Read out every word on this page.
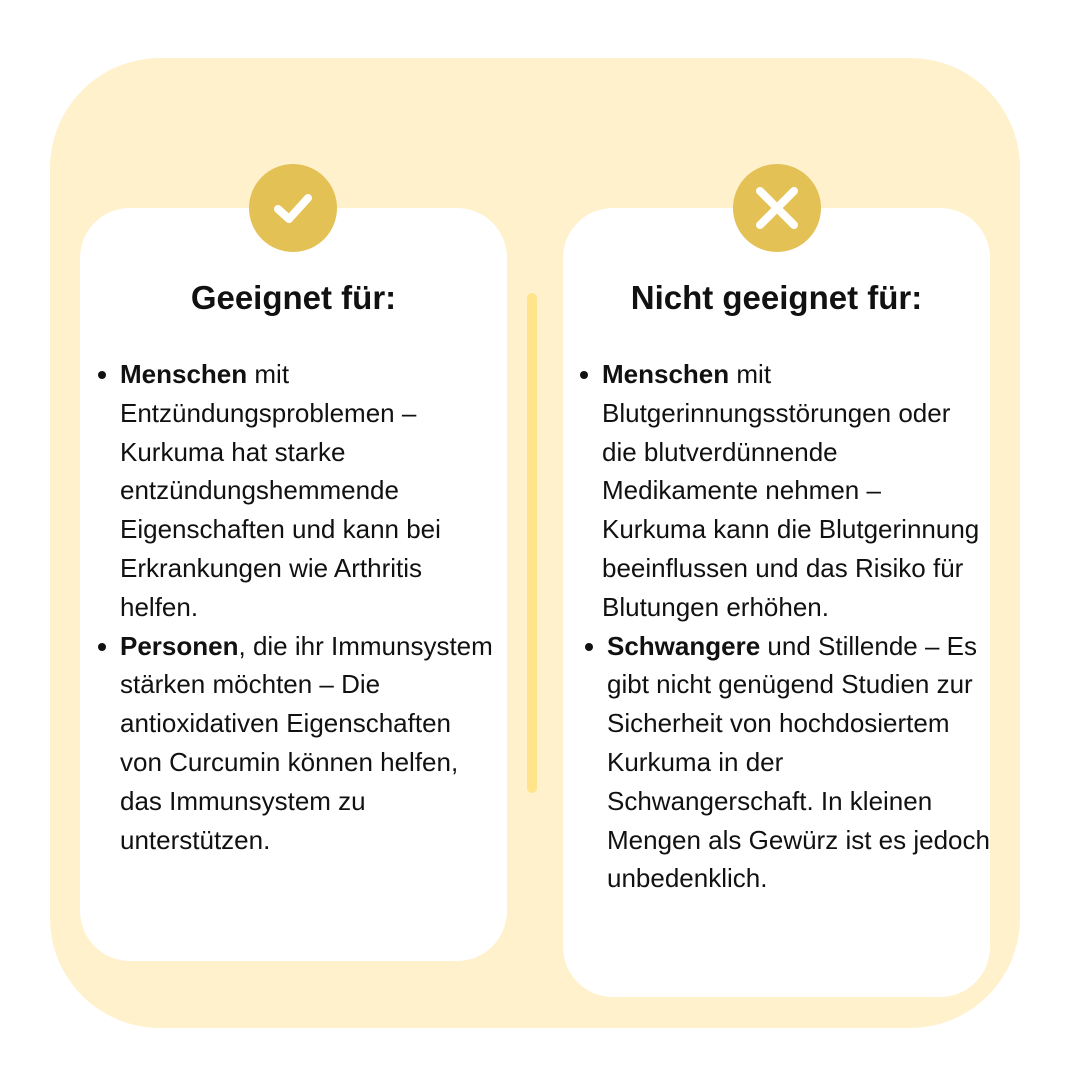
Geeignet für:	Nicht geeignet für:
Menschen mit Entzündungsproblemen – Kurkuma hat starke entzündungshemmende Eigenschaften und kann bei Erkrankungen wie Arthritis helfen.
Personen, die ihr Immunsystem stärken möchten – Die antioxidativen Eigenschaften von Curcumin können helfen, das Immunsystem zu unterstützen.
Menschen mit Blutgerinnungsstörungen oder die blutverdünnende Medikamente nehmen – Kurkuma kann die Blutgerinnung beeinflussen und das Risiko für Blutungen erhöhen.
Schwangere und Stillende – Es gibt nicht genügend Studien zur Sicherheit von hochdosiertem Kurkuma in der Schwangerschaft. In kleinen Mengen als Gewürz ist es jedoch unbedenklich.
